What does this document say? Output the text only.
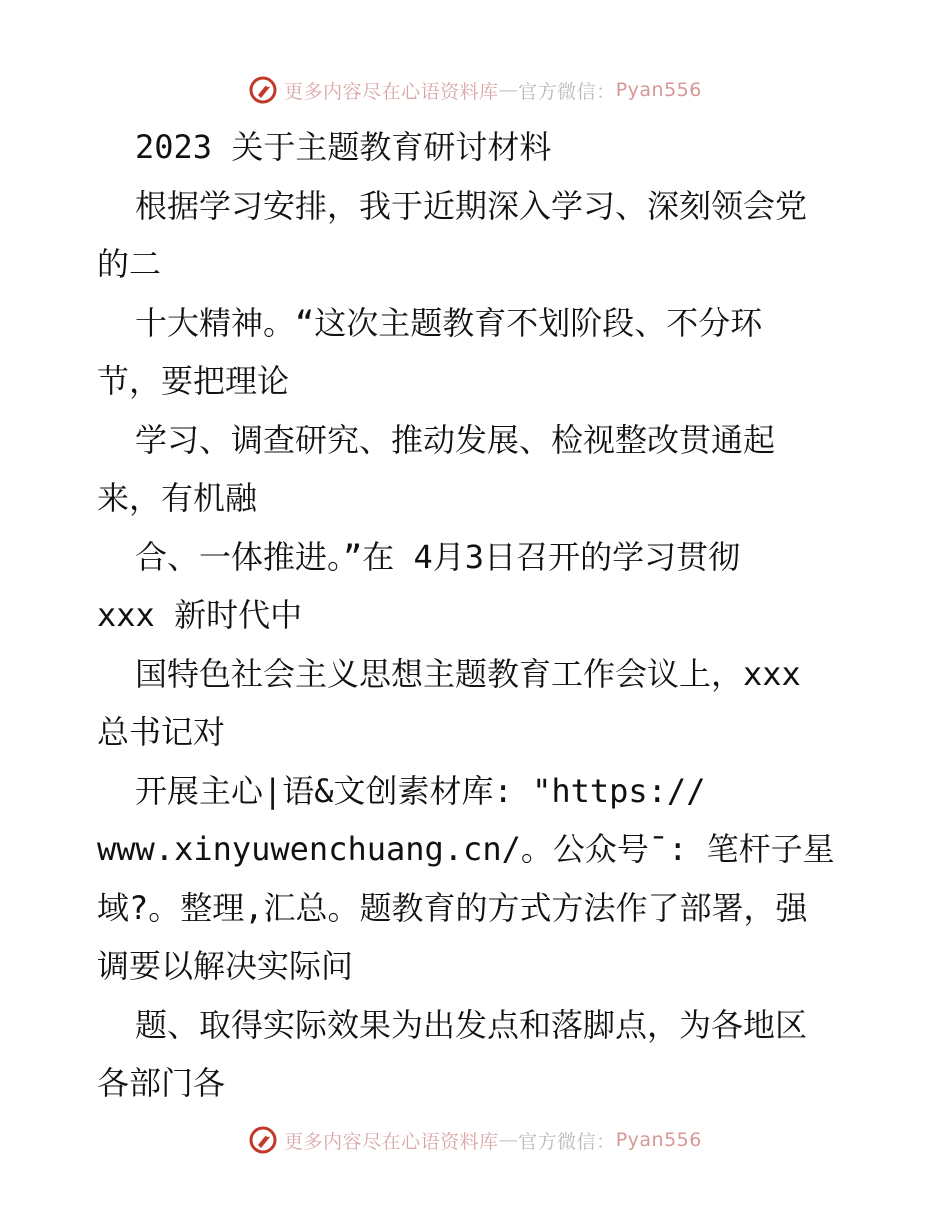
更多内容尽在心语资料库 — 官方微信： Pyan556
2023 关于主题教育研讨材料
根据学习安排，我于近期深入学习、深刻领会党
的二
十大精神。“这次主题教育不划阶段、不分环
节，要把理论
学习、调查研究、推动发展、检视整改贯通起
来，有机融
合、一体推进。”在 4月3日召开的学习贯彻
xxx 新时代中
国特色社会主义思想主题教育工作会议上，xxx
总书记对
开展主心|语&文创素材库: "https://
www.xinyuwenchuang.cn/。公众号¯: 笔杆子星
域?。整理,汇总。题教育的方式方法作了部署，强
调要以解决实际问
题、取得实际效果为出发点和落脚点，为各地区
各部门各
更多内容尽在心语资料库 — 官方微信： Pyan556
